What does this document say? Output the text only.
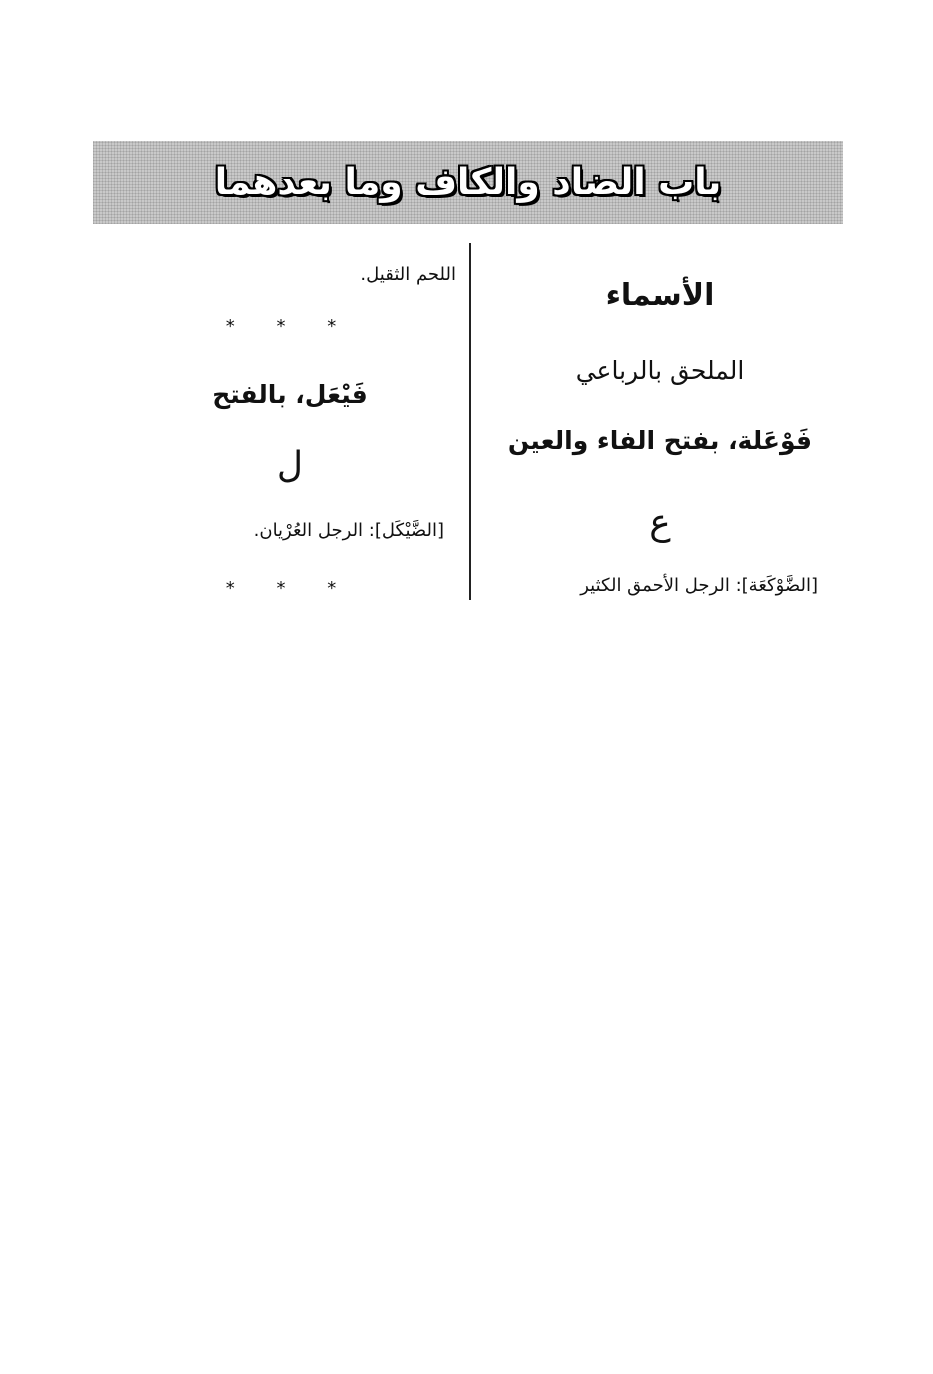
باب الضاد والكاف وما بعدهما
الأسماء
الملحق بالرباعي
فَوْعَلة، بفتح الفاء والعين
ع
[الضَّوْكَعَة]: الرجل الأحمق الكثير
اللحم الثقيل.
* * *
فَيْعَل، بالفتح
ل
[الضَّيْكَل]: الرجل العُرْيان.
* * *
